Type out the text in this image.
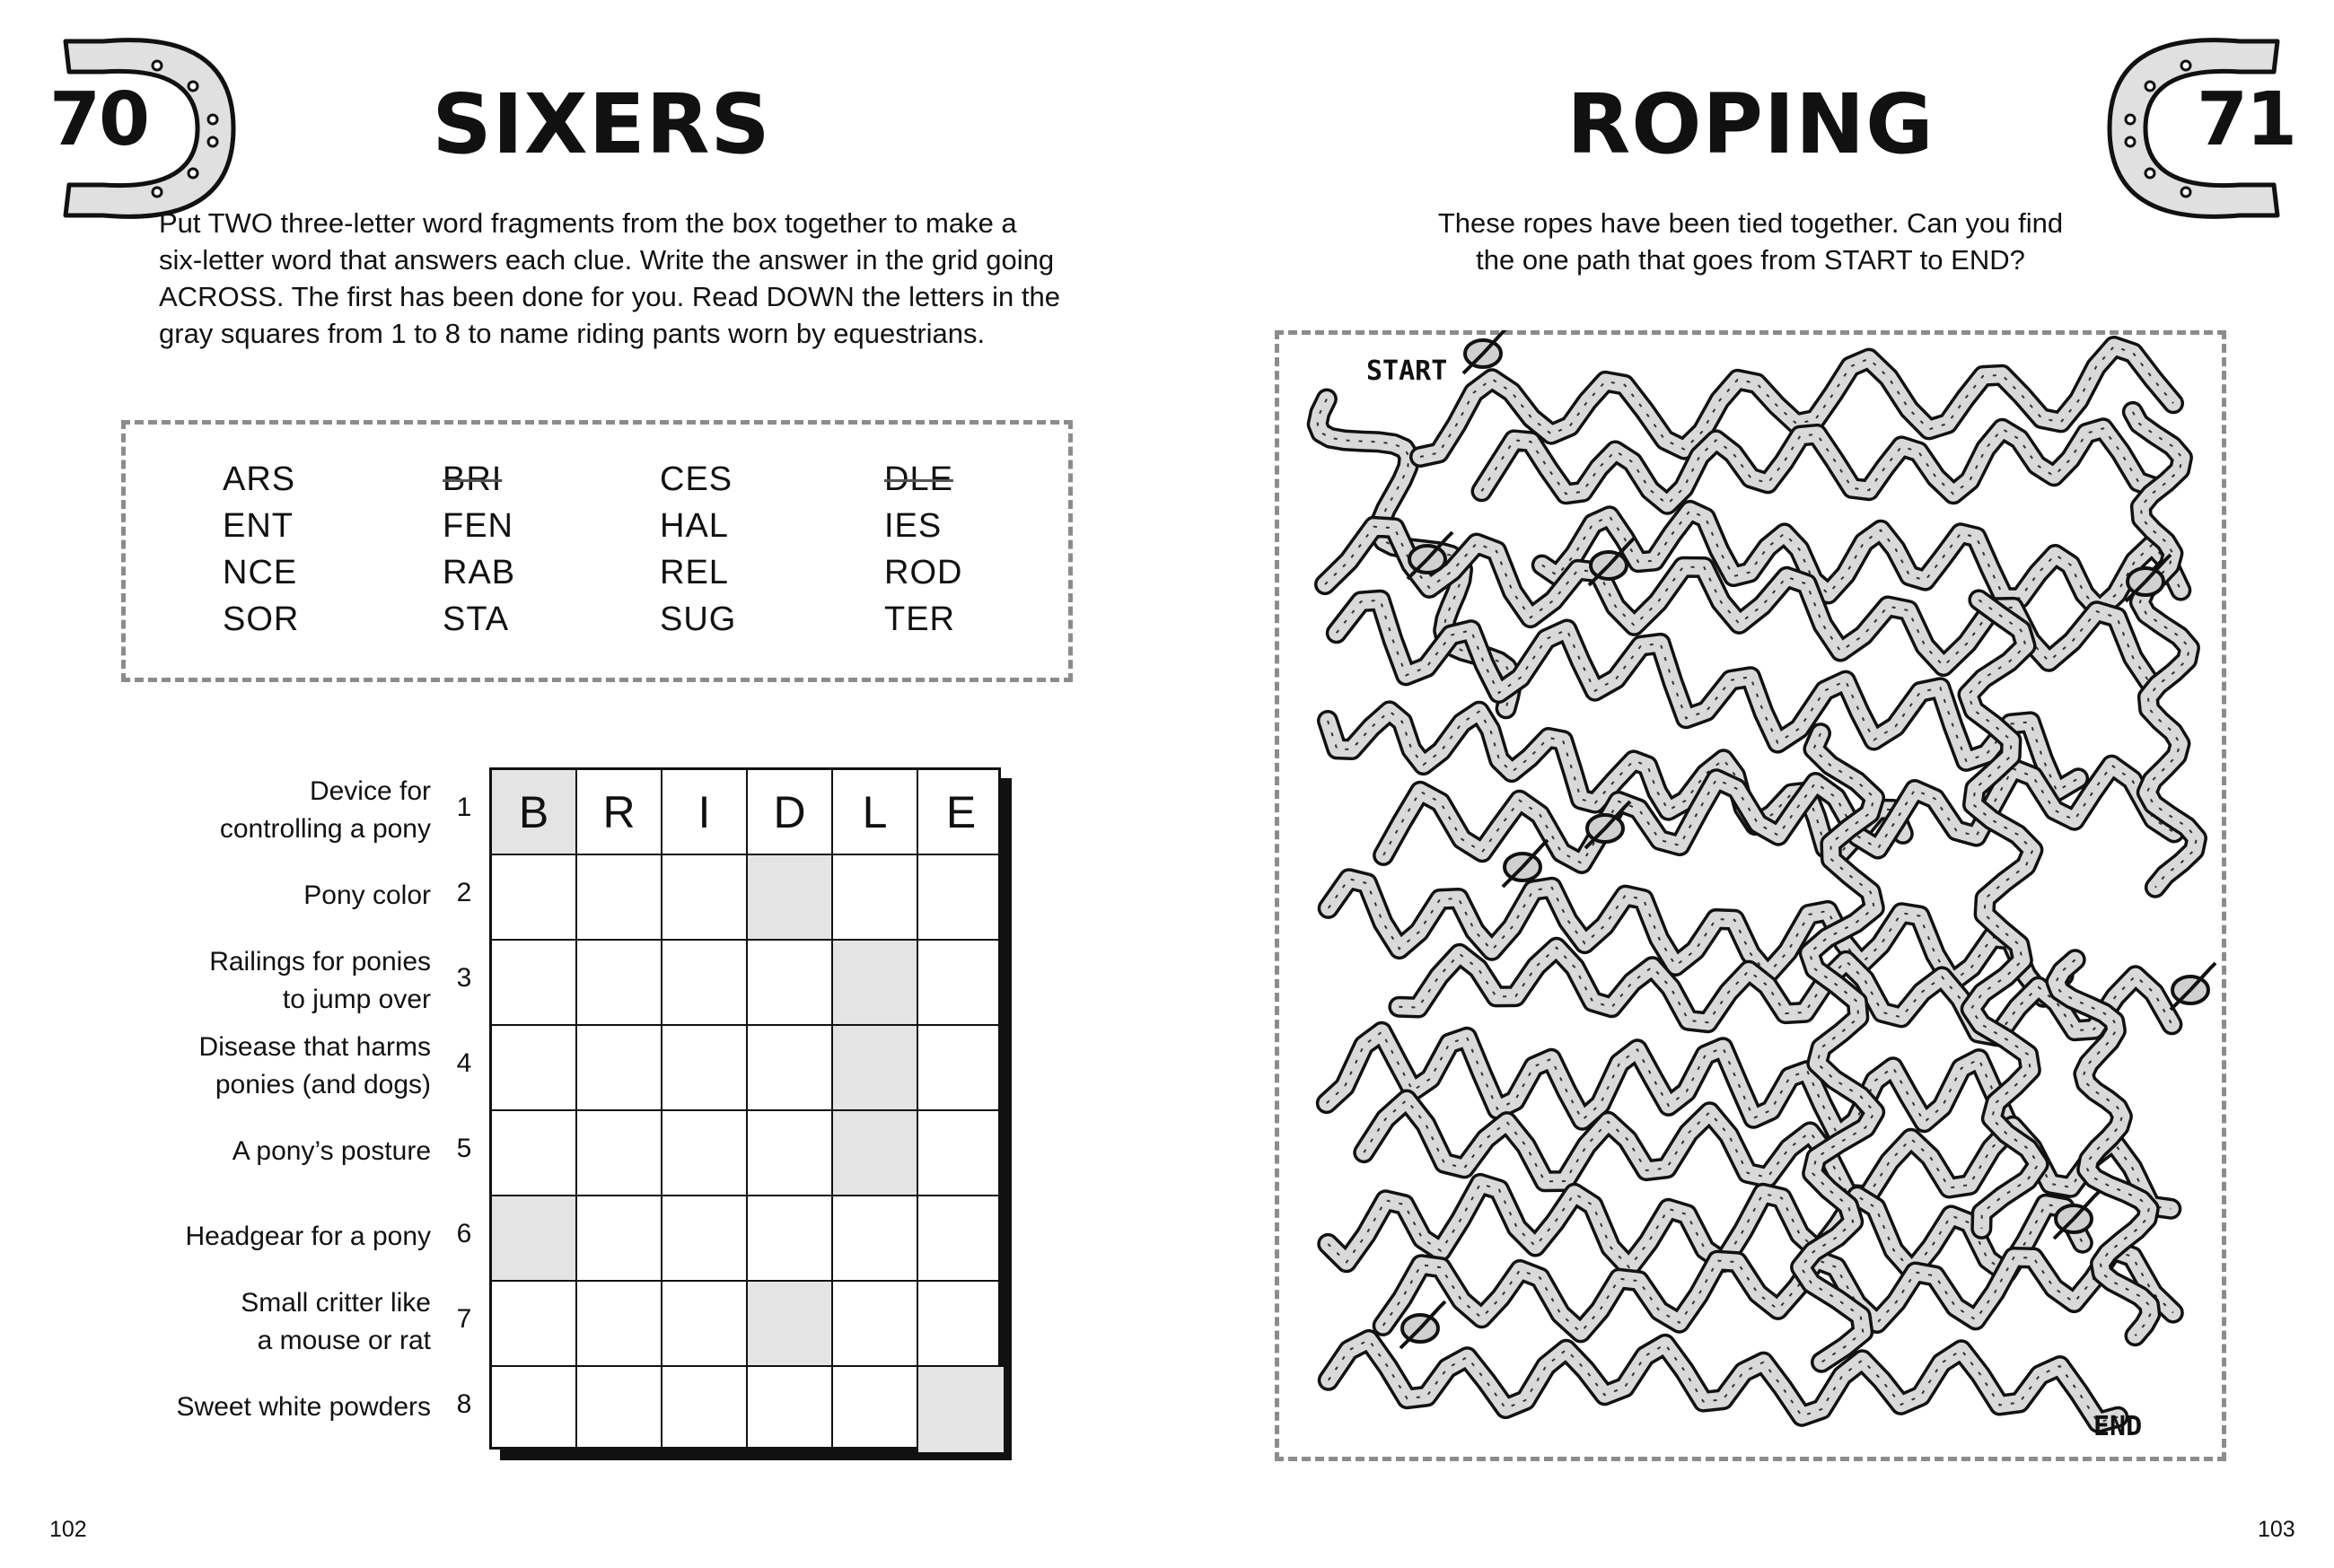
70	SIXERS
Put TWO three-letter word fragments from the box together to make a
six-letter word that answers each clue. Write the answer in the grid going
ACROSS. The first has been done for you. Read DOWN the letters in the
gray squares from 1 to 8 to name riding pants worn by equestrians.
ARS	BRI	CES	DLE
ENT	FEN	HAL	IES
NCE	RAB	REL	ROD
SOR	STA	SUG	TER
B	R	I	D	L	E
Device for
controlling a pony
1
Pony color 2
Railings for ponies
to jump over
3
Disease that harms
ponies (and dogs)
4
A pony’s posture 5
Headgear for a pony 6
Small critter like
a mouse or rat
7
Sweet white powders 8
102
71
ROPING
These ropes have been tied together. Can you find
the one path that goes from START to END?
START
END
103
